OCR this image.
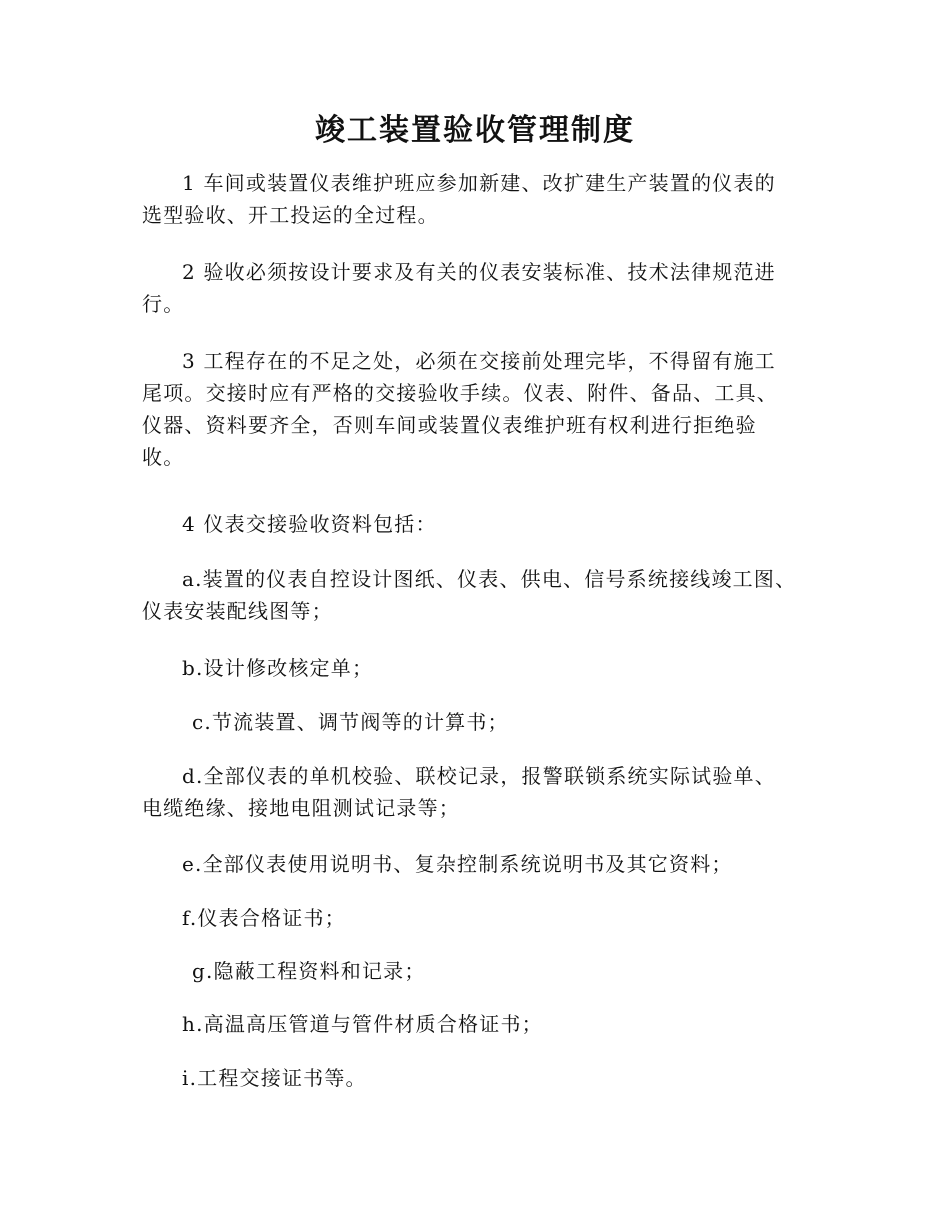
竣工装置验收管理制度

1 车间或装置仪表维护班应参加新建、改扩建生产装置的仪表的选型验收、开工投运的全过程。

2 验收必须按设计要求及有关的仪表安装标准、技术法律规范进行。

3 工程存在的不足之处，必须在交接前处理完毕，不得留有施工尾项。交接时应有严格的交接验收手续。仪表、附件、备品、工具、仪器、资料要齐全，否则车间或装置仪表维护班有权利进行拒绝验收。

4 仪表交接验收资料包括：

a.装置的仪表自控设计图纸、仪表、供电、信号系统接线竣工图、仪表安装配线图等；

b.设计修改核定单；

c.节流装置、调节阀等的计算书；

d.全部仪表的单机校验、联校记录，报警联锁系统实际试验单、电缆绝缘、接地电阻测试记录等；

e.全部仪表使用说明书、复杂控制系统说明书及其它资料；

f.仪表合格证书；

g.隐蔽工程资料和记录；

h.高温高压管道与管件材质合格证书；

i.工程交接证书等。
